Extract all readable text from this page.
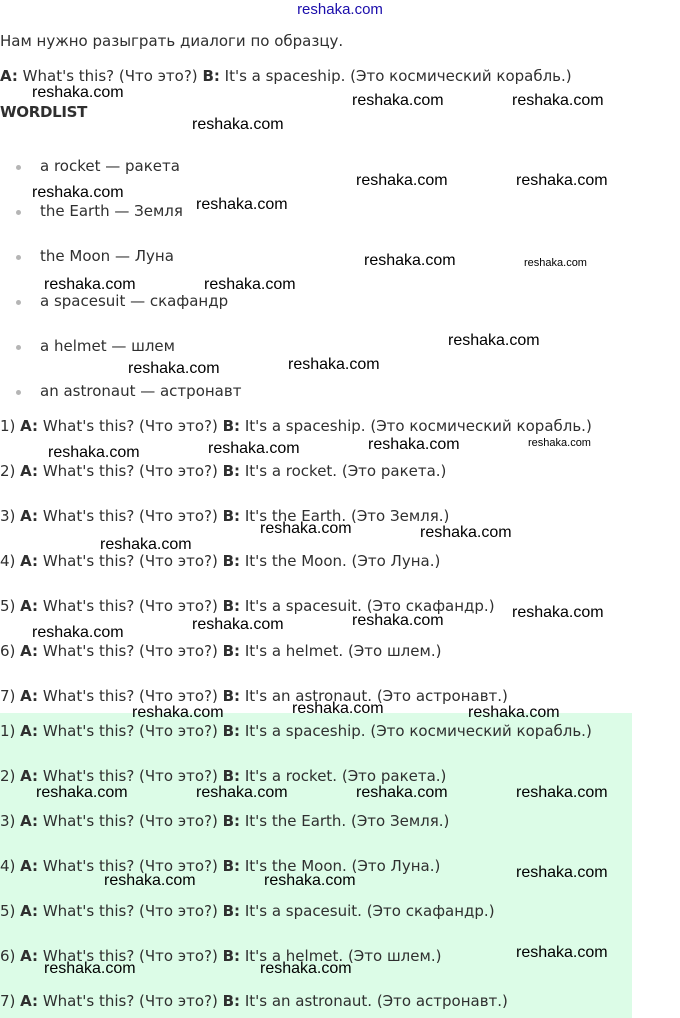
reshaka.com
Нам нужно разыграть диалоги по образцу.
A: What's this? (Что это?) B: It's a spaceship. (Это космический корабль.)
WORDLIST
a rocket — ракета
the Earth — Земля
the Moon — Луна
a spacesuit — скафандр
a helmet — шлем
an astronaut — астронавт
1) A: What's this? (Что это?) B: It's a spaceship. (Это космический корабль.)
2) A: What's this? (Что это?) B: It's a rocket. (Это ракета.)
3) A: What's this? (Что это?) B: It's the Earth. (Это Земля.)
4) A: What's this? (Что это?) B: It's the Moon. (Это Луна.)
5) A: What's this? (Что это?) B: It's a spacesuit. (Это скафандр.)
6) A: What's this? (Что это?) B: It's a helmet. (Это шлем.)
7) A: What's this? (Что это?) B: It's an astronaut. (Это астронавт.)
1) A: What's this? (Что это?) B: It's a spaceship. (Это космический корабль.)
2) A: What's this? (Что это?) B: It's a rocket. (Это ракета.)
3) A: What's this? (Что это?) B: It's the Earth. (Это Земля.)
4) A: What's this? (Что это?) B: It's the Moon. (Это Луна.)
5) A: What's this? (Что это?) B: It's a spacesuit. (Это скафандр.)
6) A: What's this? (Что это?) B: It's a helmet. (Это шлем.)
7) A: What's this? (Что это?) B: It's an astronaut. (Это астронавт.)
reshaka.com	reshaka.com	reshaka.com
reshaka.com
reshaka.com
reshaka.com	reshaka.com
reshaka.com
reshaka.com	reshaka.com
reshaka.com	reshaka.com
reshaka.com
reshaka.com	reshaka.com
reshaka.com	reshaka.com	reshaka.com	reshaka.com
reshaka.com	reshaka.com
reshaka.com
reshaka.com
reshaka.com
reshaka.com
reshaka.com
reshaka.com
reshaka.com	reshaka.com
reshaka.com	reshaka.com	reshaka.com	reshaka.com
reshaka.com
reshaka.com	reshaka.com
reshaka.com
reshaka.com	reshaka.com
